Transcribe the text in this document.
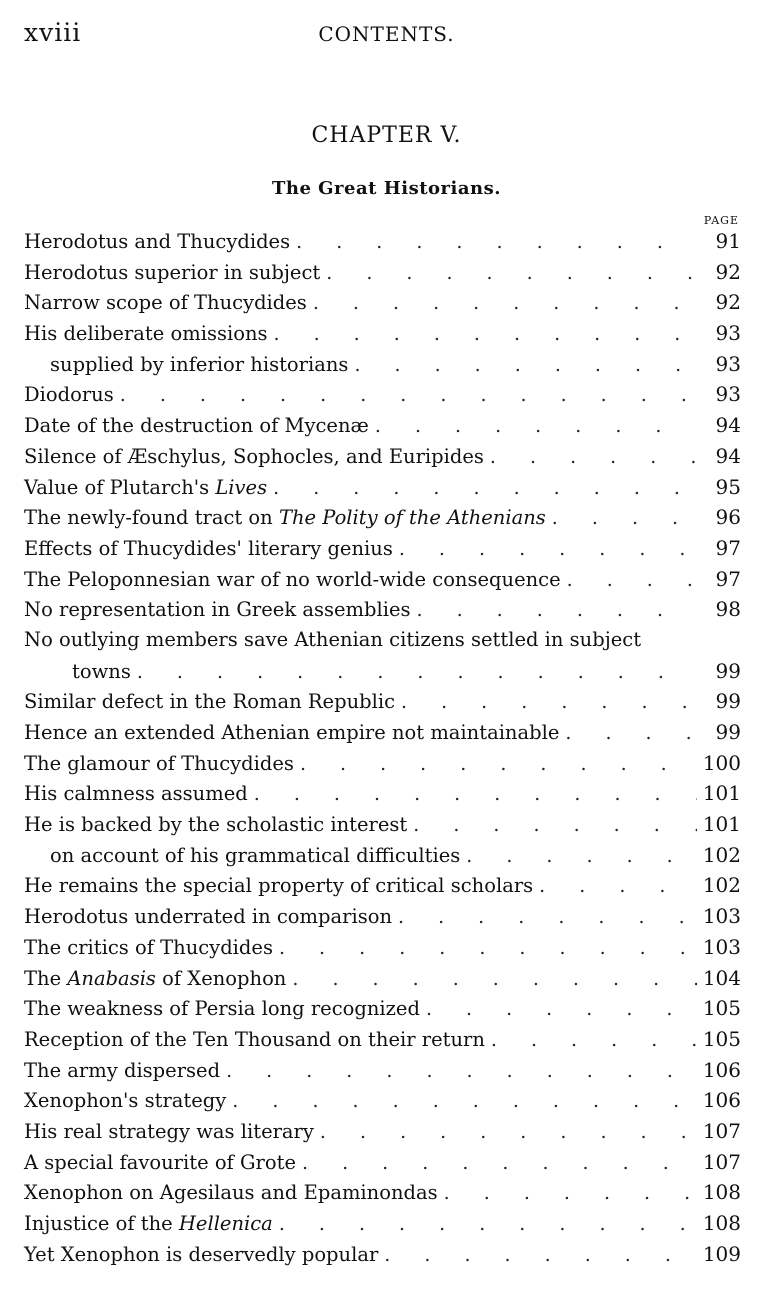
xviii	CONTENTS.
CHAPTER V.
The Great Historians.
PAGE
Herodotus and Thucydides . . .	91
Herodotus superior in subject . . .	92
Narrow scope of Thucydides . . .	92
His deliberate omissions . . .	93
supplied by inferior historians . . .	93
Diodorus . . .	93
Date of the destruction of Mycenæ . . .	94
Silence of Æschylus, Sophocles, and Euripides . . .	94
Value of Plutarch's Lives . . .	95
The newly-found tract on The Polity of the Athenians . . .	96
Effects of Thucydides' literary genius . . .	97
The Peloponnesian war of no world-wide consequence . . .	97
No representation in Greek assemblies . . .	98
No outlying members save Athenian citizens settled in subject
towns . . .	99
Similar defect in the Roman Republic . . .	99
Hence an extended Athenian empire not maintainable . . .	99
The glamour of Thucydides . . .	100
His calmness assumed . . .	101
He is backed by the scholastic interest . . .	101
on account of his grammatical difficulties . . .	102
He remains the special property of critical scholars . . .	102
Herodotus underrated in comparison . . .	103
The critics of Thucydides . . .	103
The Anabasis of Xenophon . . .	104
The weakness of Persia long recognized . . .	105
Reception of the Ten Thousand on their return . . .	105
The army dispersed . . .	106
Xenophon's strategy . . .	106
His real strategy was literary . . .	107
A special favourite of Grote . . .	107
Xenophon on Agesilaus and Epaminondas . . .	108
Injustice of the Hellenica . . .	108
Yet Xenophon is deservedly popular . . .	109
